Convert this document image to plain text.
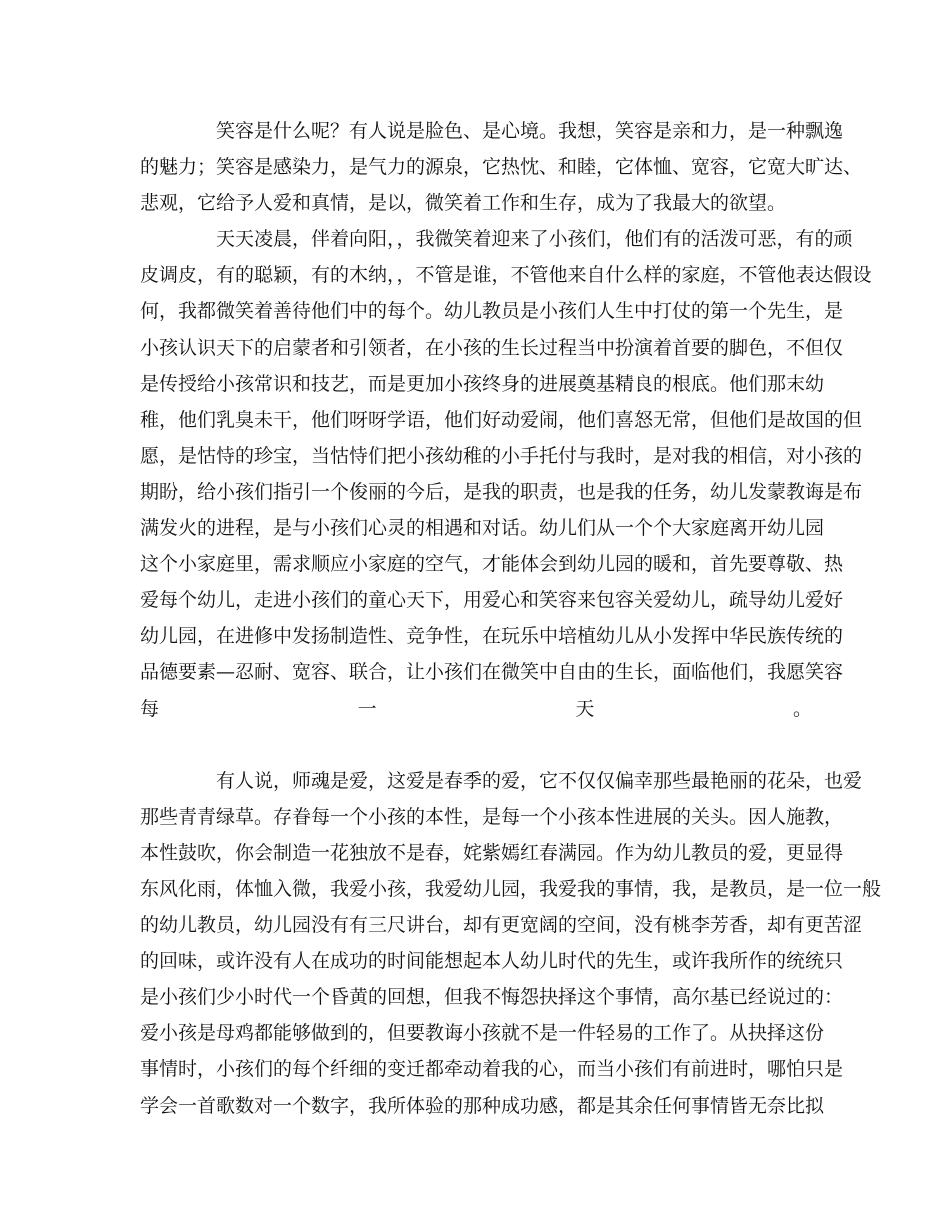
笑容是什么呢？有人说是脸色、是心境。我想，笑容是亲和力，是一种飘逸
的魅力；笑容是感染力，是气力的源泉，它热忱、和睦，它体恤、宽容，它宽大旷达、
悲观，它给予人爱和真情，是以，微笑着工作和生存，成为了我最大的欲望。
天天凌晨，伴着向阳，，我微笑着迎来了小孩们，他们有的活泼可恶，有的顽
皮调皮，有的聪颖，有的木纳，，不管是谁，不管他来自什么样的家庭，不管他表达假设
何，我都微笑着善待他们中的每个。幼儿教员是小孩们人生中打仗的第一个先生，是
小孩认识天下的启蒙者和引领者，在小孩的生长过程当中扮演着首要的脚色，不但仅
是传授给小孩常识和技艺，而是更加小孩终身的进展奠基精良的根底。他们那末幼
稚，他们乳臭未干，他们呀呀学语，他们好动爱闹，他们喜怒无常，但他们是故国的但
愿，是怙恃的珍宝，当怙恃们把小孩幼稚的小手托付与我时，是对我的相信，对小孩的
期盼，给小孩们指引一个俊丽的今后，是我的职责，也是我的任务，幼儿发蒙教诲是布
满发火的进程，是与小孩们心灵的相遇和对话。幼儿们从一个个大家庭离开幼儿园
这个小家庭里，需求顺应小家庭的空气，才能体会到幼儿园的暖和，首先要尊敬、热
爱每个幼儿，走进小孩们的童心天下，用爱心和笑容来包容关爱幼儿，疏导幼儿爱好
幼儿园，在进修中发扬制造性、竞争性，在玩乐中培植幼儿从小发挥中华民族传统的
品德要素—忍耐、宽容、联合，让小孩们在微笑中自由的生长，面临他们，我愿笑容
每一天。
有人说，师魂是爱，这爱是春季的爱，它不仅仅偏幸那些最艳丽的花朵，也爱
那些青青绿草。存眷每一个小孩的本性，是每一个小孩本性进展的关头。因人施教，
本性鼓吹，你会制造一花独放不是春，姹紫嫣红春满园。作为幼儿教员的爱，更显得
东风化雨，体恤入微，我爱小孩，我爱幼儿园，我爱我的事情，我，是教员，是一位一般
的幼儿教员，幼儿园没有有三尺讲台，却有更宽阔的空间，没有桃李芳香，却有更苦涩
的回味，或许没有人在成功的时间能想起本人幼儿时代的先生，或许我所作的统统只
是小孩们少小时代一个昏黄的回想，但我不悔怨抉择这个事情，高尔基已经说过的：
爱小孩是母鸡都能够做到的，但要教诲小孩就不是一件轻易的工作了。从抉择这份
事情时，小孩们的每个纤细的变迁都牵动着我的心，而当小孩们有前进时，哪怕只是
学会一首歌数对一个数字，我所体验的那种成功感，都是其余任何事情皆无奈比拟
